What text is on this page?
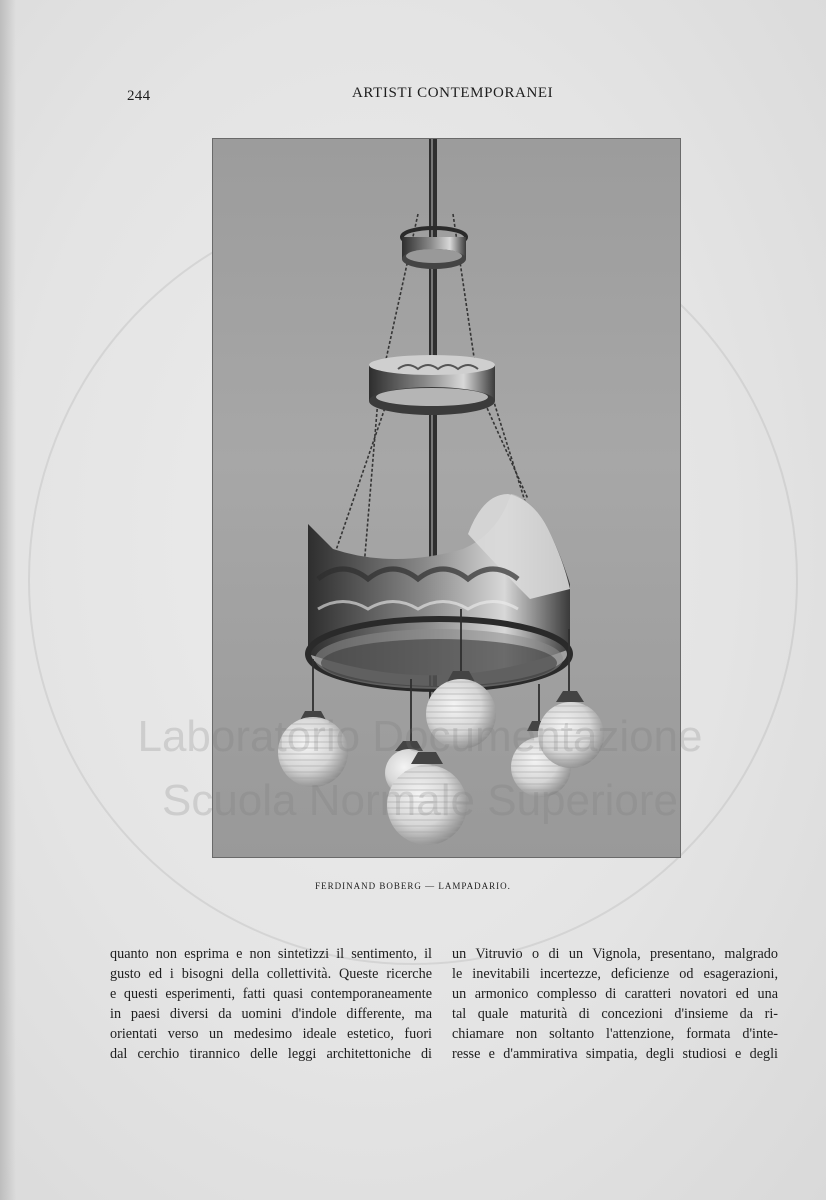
244	ARTISTI CONTEMPORANEI
FERDINAND BOBERG — LAMPADARIO.
Laboratorio Documentazione
Scuola Normale Superiore
quanto non esprima e non sintetizzi il sentimento, il
gusto ed i bisogni della collettività. Queste ricerche
e questi esperimenti, fatti quasi contemporaneamente
in paesi diversi da uomini d'indole differente, ma
orientati verso un medesimo ideale estetico, fuori
dal cerchio tirannico delle leggi architettoniche di
un Vitruvio o di un Vignola, presentano, malgrado
le inevitabili incertezze, deficienze od esagerazioni,
un armonico complesso di caratteri novatori ed una
tal quale maturità di concezioni d'insieme da ri-
chiamare non soltanto l'attenzione, formata d'inte-
resse e d'ammirativa simpatia, degli studiosi e degli
